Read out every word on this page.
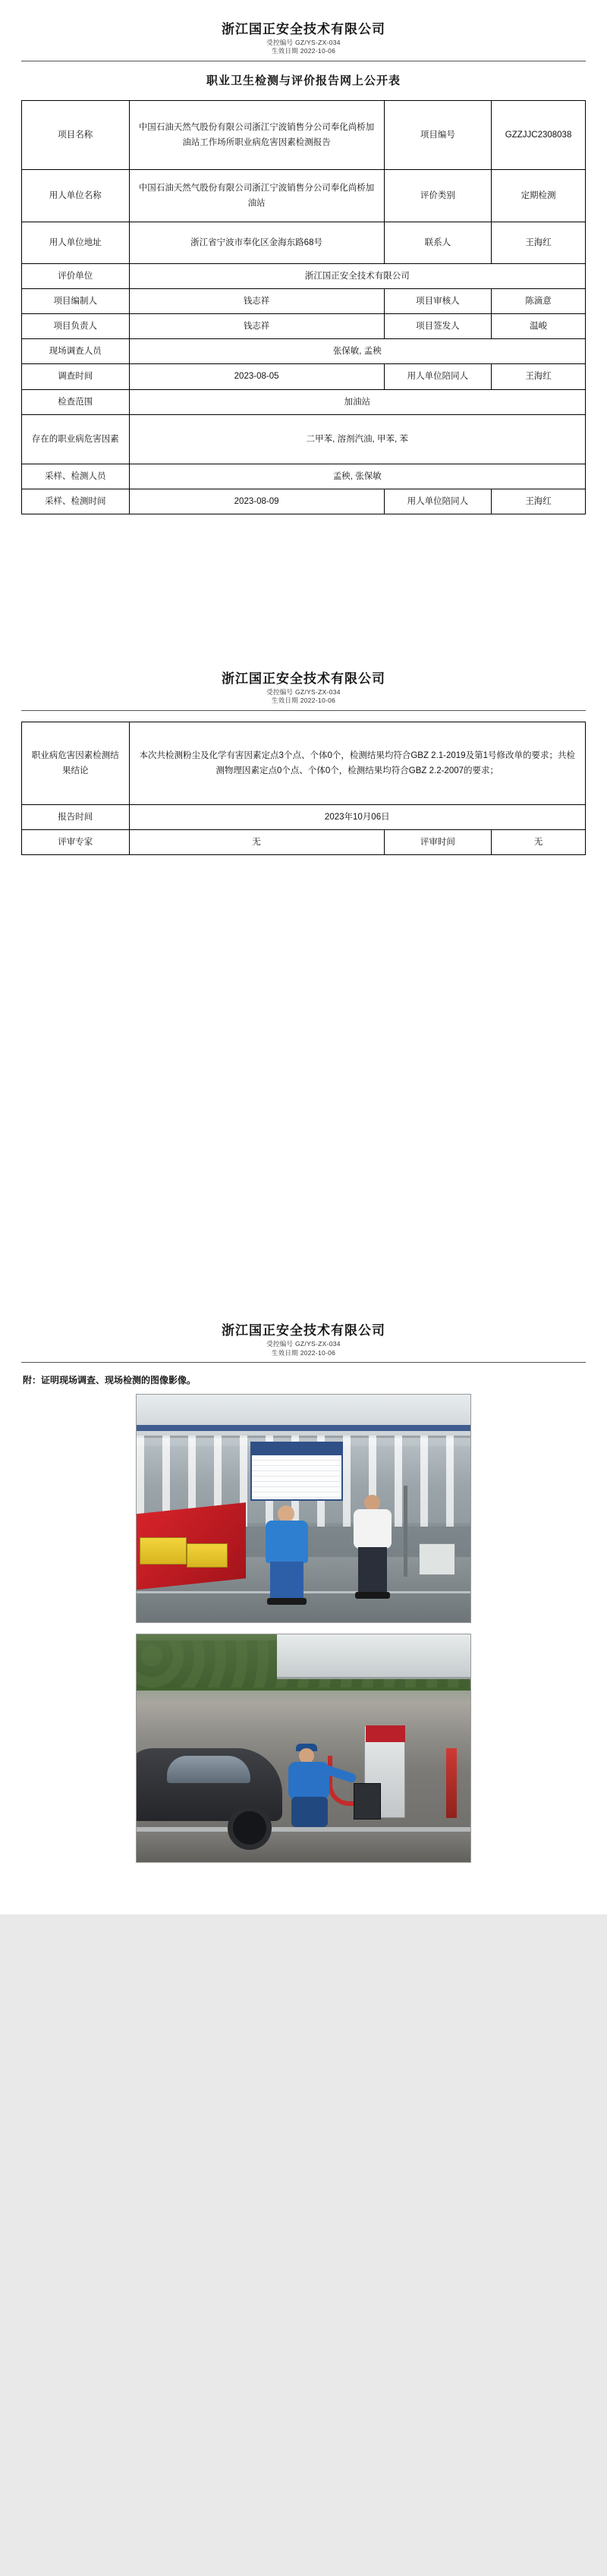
浙江国正安全技术有限公司
受控编号 GZ/YS-ZX-034
生效日期 2022-10-06
职业卫生检测与评价报告网上公开表
项目名称	中国石油天然气股份有限公司浙江宁波销售分公司奉化尚桥加油站工作场所职业病危害因素检测报告	项目编号	GZZJJC2308038
用人单位名称	中国石油天然气股份有限公司浙江宁波销售分公司奉化尚桥加油站	评价类别	定期检测
用人单位地址	浙江省宁波市奉化区金海东路68号	联系人	王海红
评价单位	浙江国正安全技术有限公司		
项目编制人	钱志祥	项目审核人	陈滴意
项目负责人	钱志祥	项目签发人	温峻
现场调查人员	张保敏, 孟秧		
调查时间	2023-08-05	用人单位陪同人	王海红
检查范围	加油站		
存在的职业病危害因素	二甲苯, 溶剂汽油, 甲苯, 苯		
采样、检测人员	孟秧, 张保敏		
采样、检测时间	2023-08-09	用人单位陪同人	王海红
浙江国正安全技术有限公司
受控编号 GZ/YS-ZX-034
生效日期 2022-10-06
职业病危害因素检测结果结论	本次共检测粉尘及化学有害因素定点3个点、个体0个，检测结果均符合GBZ 2.1-2019及第1号修改单的要求；共检测物理因素定点0个点、个体0个，检测结果均符合GBZ 2.2-2007的要求；		
报告时间	2023年10月06日		
评审专家	无	评审时间	无
浙江国正安全技术有限公司
受控编号 GZ/YS-ZX-034
生效日期 2022-10-06
附：证明现场调查、现场检测的图像影像。
